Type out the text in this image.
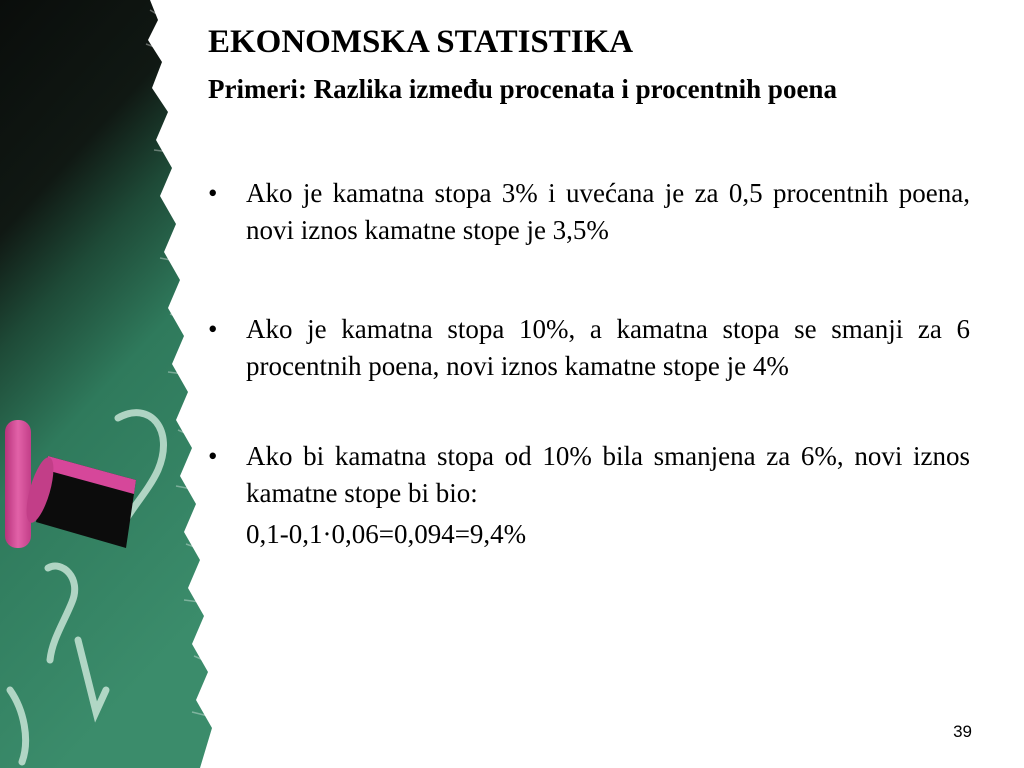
EKONOMSKA STATISTIKA
Primeri: Razlika između procenata i procentnih poena
• Ako je kamatna stopa 3% i uvećana je za 0,5 procentnih poena, novi iznos kamatne stope je 3,5%
• Ako je kamatna stopa 10%, a kamatna stopa se smanji za 6 procentnih poena, novi iznos kamatne stope je 4%
• Ako bi kamatna stopa od 10% bila smanjena za 6%, novi iznos kamatne stope bi bio:
0,1-0,1·0,06=0,094=9,4%
39
